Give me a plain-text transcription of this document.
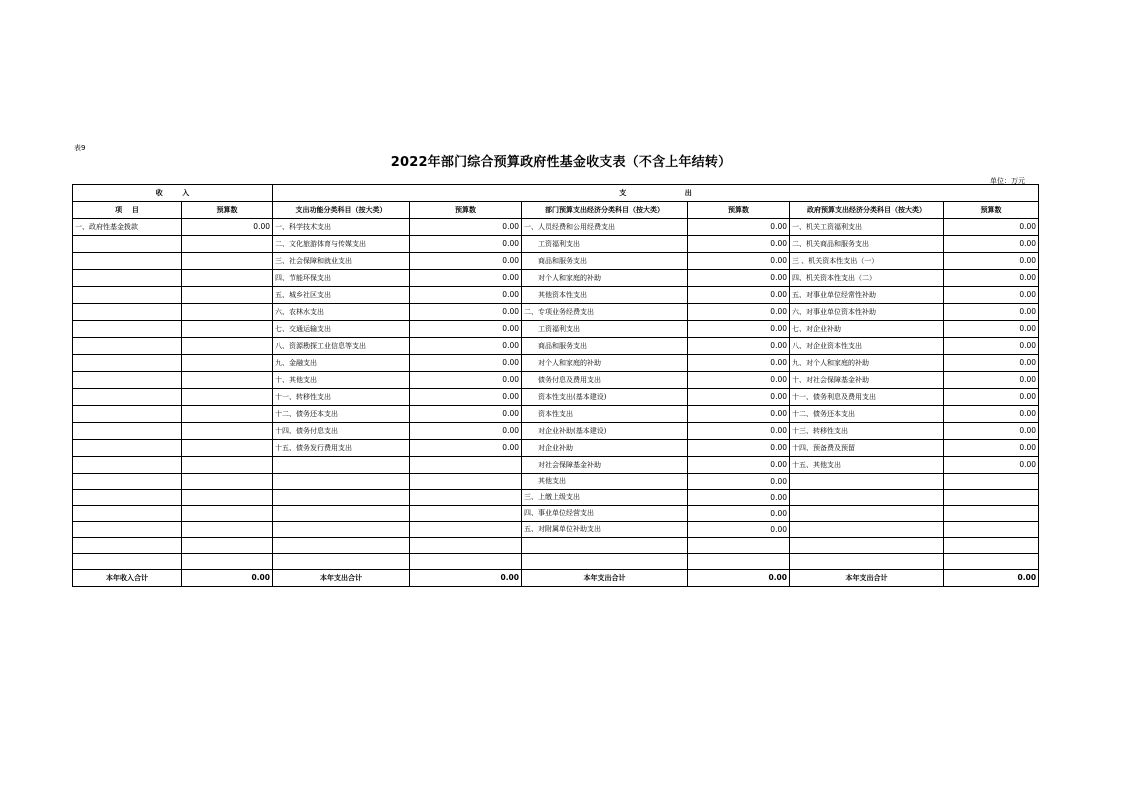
表9
2022年部门综合预算政府性基金收支表（不含上年结转）
单位：万元
收        入		支                        出					
项    目	预算数	支出功能分类科目（按大类）	预算数	部门预算支出经济分类科目（按大类）	预算数	政府预算支出经济分类科目（按大类）	预算数
一、政府性基金拨款	0.00	一、科学技术支出	0.00	一、人员经费和公用经费支出	0.00	一、机关工资福利支出	0.00
		二、文化旅游体育与传媒支出	0.00	工资福利支出	0.00	二、机关商品和服务支出	0.00
		三、社会保障和就业支出	0.00	商品和服务支出	0.00	三 、机关资本性支出（一）	0.00
		四、节能环保支出	0.00	对个人和家庭的补助	0.00	四、机关资本性支出（二）	0.00
		五、城乡社区支出	0.00	其他资本性支出	0.00	五、对事业单位经常性补助	0.00
		六、农林水支出	0.00	二、专项业务经费支出	0.00	六、对事业单位资本性补助	0.00
		七、交通运输支出	0.00	工资福利支出	0.00	七、对企业补助	0.00
		八、资源勘探工业信息等支出	0.00	商品和服务支出	0.00	八、对企业资本性支出	0.00
		九、金融支出	0.00	对个人和家庭的补助	0.00	九、对个人和家庭的补助	0.00
		十、其他支出	0.00	债务付息及费用支出	0.00	十、对社会保障基金补助	0.00
		十一、转移性支出	0.00	资本性支出(基本建设)	0.00	十一、债务利息及费用支出	0.00
		十二、债务还本支出	0.00	资本性支出	0.00	十二、债务还本支出	0.00
		十四、债务付息支出	0.00	对企业补助(基本建设)	0.00	十三、转移性支出	0.00
		十五、债务发行费用支出	0.00	对企业补助	0.00	十四、预备费及预留	0.00
				对社会保障基金补助	0.00	十五、其他支出	0.00
				其他支出	0.00		
				三、上缴上级支出	0.00		
				四、事业单位经营支出	0.00		
				五、对附属单位补助支出	0.00		

本年收入合计	0.00	本年支出合计	0.00	本年支出合计	0.00	本年支出合计	0.00
